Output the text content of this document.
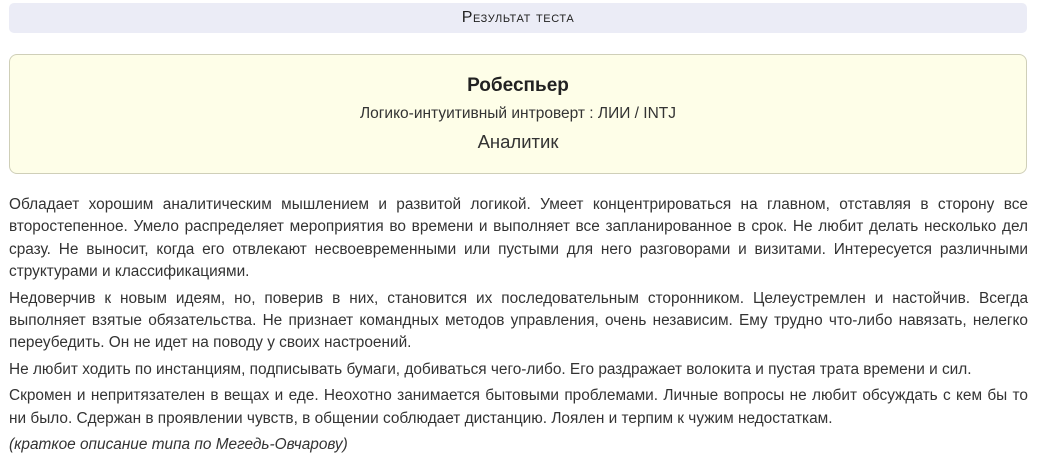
Результат теста
Робеспьер
Логико-интуитивный интроверт : ЛИИ / INTJ
Аналитик

Обладает хорошим аналитическим мышлением и развитой логикой. Умеет концентрироваться на главном, отставляя в сторону все второстепенное. Умело распределяет мероприятия во времени и выполняет все запланированное в срок. Не любит делать несколько дел сразу. Не выносит, когда его отвлекают несвоевременными или пустыми для него разговорами и визитами. Интересуется различными структурами и классификациями.

Недоверчив к новым идеям, но, поверив в них, становится их последовательным сторонником. Целеустремлен и настойчив. Всегда выполняет взятые обязательства. Не признает командных методов управления, очень независим. Ему трудно что-либо навязать, нелегко переубедить. Он не идет на поводу у своих настроений.

Не любит ходить по инстанциям, подписывать бумаги, добиваться чего-либо. Его раздражает волокита и пустая трата времени и сил.

Скромен и непритязателен в вещах и еде. Неохотно занимается бытовыми проблемами. Личные вопросы не любит обсуждать с кем бы то ни было. Сдержан в проявлении чувств, в общении соблюдает дистанцию. Лоялен и терпим к чужим недостаткам.

(краткое описание типа по Мегедь-Овчарову)
